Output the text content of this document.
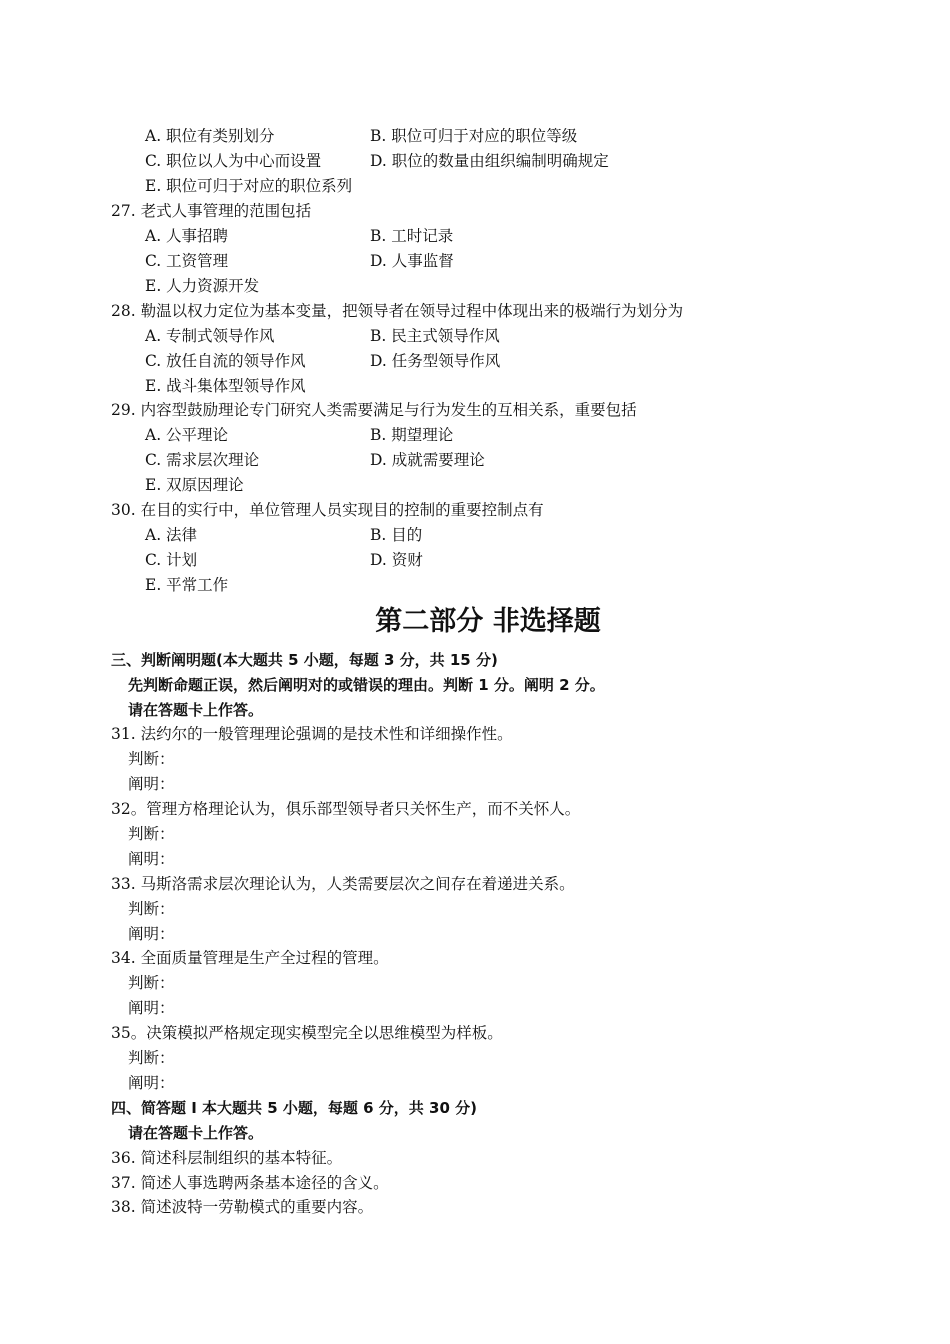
A. 职位有类别划分	B. 职位可归于对应的职位等级
C. 职位以人为中心而设置	D. 职位的数量由组织编制明确规定
E. 职位可归于对应的职位系列
27. 老式人事管理的范围包括
A. 人事招聘	B. 工时记录
C. 工资管理	D. 人事监督
E. 人力资源开发
28. 勒温以权力定位为基本变量，把领导者在领导过程中体现出来的极端行为划分为
A. 专制式领导作风	B. 民主式领导作风
C. 放任自流的领导作风	D. 任务型领导作风
E. 战斗集体型领导作风
29. 内容型鼓励理论专门研究人类需要满足与行为发生的互相关系，重要包括
A. 公平理论	B. 期望理论
C. 需求层次理论	D. 成就需要理论
E. 双原因理论
30. 在目的实行中，单位管理人员实现目的控制的重要控制点有
A. 法律	B. 目的
C. 计划	D. 资财
E. 平常工作
第二部分 非选择题
三、判断阐明题(本大题共 5 小题，每题 3 分，共 15 分)
先判断命题正误，然后阐明对的或错误的理由。判断 1 分。阐明 2 分。
请在答题卡上作答。
31. 法约尔的一般管理理论强调的是技术性和详细操作性。
判断：
阐明：
32。管理方格理论认为，俱乐部型领导者只关怀生产，而不关怀人。
判断：
阐明：
33. 马斯洛需求层次理论认为，人类需要层次之间存在着递进关系。
判断：
阐明：
34. 全面质量管理是生产全过程的管理。
判断：
阐明：
35。决策模拟严格规定现实模型完全以思维模型为样板。
判断：
阐明：
四、简答题 I 本大题共 5 小题，每题 6 分，共 30 分)
请在答题卡上作答。
36. 简述科层制组织的基本特征。
37. 简述人事选聘两条基本途径的含义。
38. 简述波特一劳勒模式的重要内容。
